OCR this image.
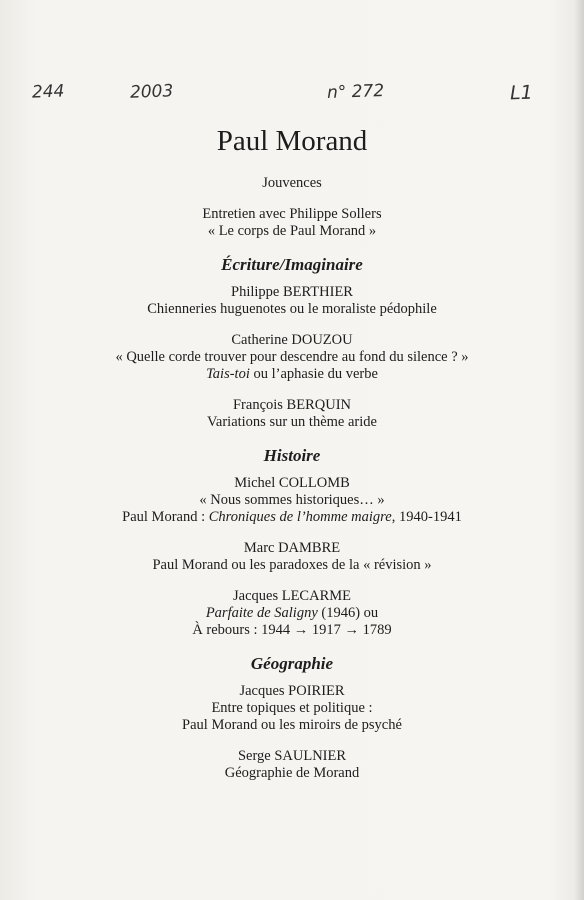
244	2003	n° 272	L1
Paul Morand
Jouvences
Entretien avec Philippe Sollers
« Le corps de Paul Morand »
Écriture/Imaginaire
Philippe BERTHIER
Chienneries huguenotes ou le moraliste pédophile
Catherine DOUZOU
« Quelle corde trouver pour descendre au fond du silence ? »
Tais-toi ou l’aphasie du verbe
François BERQUIN
Variations sur un thème aride
Histoire
Michel COLLOMB
« Nous sommes historiques… »
Paul Morand : Chroniques de l’homme maigre, 1940-1941
Marc DAMBRE
Paul Morand ou les paradoxes de la « révision »
Jacques LECARME
Parfaite de Saligny (1946) ou
À rebours : 1944 → 1917 → 1789
Géographie
Jacques POIRIER
Entre topiques et politique :
Paul Morand ou les miroirs de psyché
Serge SAULNIER
Géographie de Morand
